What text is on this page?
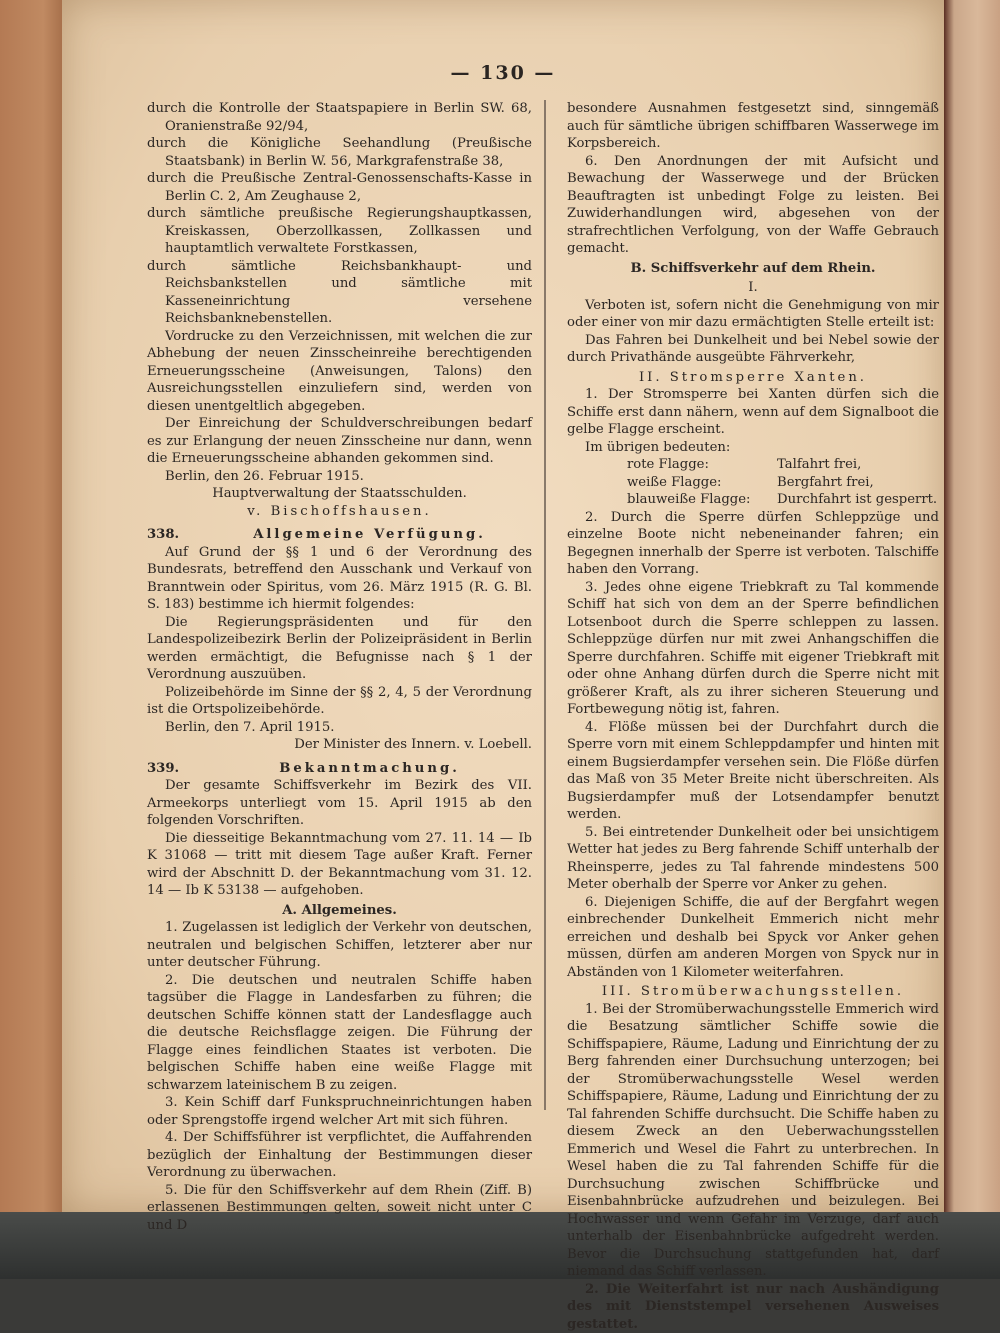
— 130 —

durch die Kontrolle der Staatspapiere in Berlin SW. 68, Oranienstraße 92/94,

durch die Königliche Seehandlung (Preußische Staatsbank) in Berlin W. 56, Markgrafenstraße 38,

durch die Preußische Zentral-Genossenschafts-Kasse in Berlin C. 2, Am Zeughause 2,

durch sämtliche preußische Regierungshauptkassen, Kreiskassen, Oberzollkassen, Zollkassen und hauptamtlich verwaltete Forstkassen,

durch sämtliche Reichsbankhaupt- und Reichsbankstellen und sämtliche mit Kasseneinrichtung versehene Reichsbanknebenstellen.

Vordrucke zu den Verzeichnissen, mit welchen die zur Abhebung der neuen Zinsscheinreihe berechtigenden Erneuerungsscheine (Anweisungen, Talons) den Ausreichungsstellen einzuliefern sind, werden von diesen unentgeltlich abgegeben.

Der Einreichung der Schuldverschreibungen bedarf es zur Erlangung der neuen Zinsscheine nur dann, wenn die Erneuerungsscheine abhanden gekommen sind.

Berlin, den 26. Februar 1915.

Hauptverwaltung der Staatsschulden.

v. Bischoffshausen.

338.	Allgemeine Verfügung.

Auf Grund der §§ 1 und 6 der Verordnung des Bundesrats, betreffend den Ausschank und Verkauf von Branntwein oder Spiritus, vom 26. März 1915 (R. G. Bl. S. 183) bestimme ich hiermit folgendes:

Die Regierungspräsidenten und für den Landespolizeibezirk Berlin der Polizeipräsident in Berlin werden ermächtigt, die Befugnisse nach § 1 der Verordnung auszuüben.

Polizeibehörde im Sinne der §§ 2, 4, 5 der Verordnung ist die Ortspolizeibehörde.

Berlin, den 7. April 1915.

Der Minister des Innern. v. Loebell.

339.	Bekanntmachung.

Der gesamte Schiffsverkehr im Bezirk des VII. Armeekorps unterliegt vom 15. April 1915 ab den folgenden Vorschriften.

Die diesseitige Bekanntmachung vom 27. 11. 14 — Ib K 31068 — tritt mit diesem Tage außer Kraft. Ferner wird der Abschnitt D. der Bekanntmachung vom 31. 12. 14 — Ib K 53138 — aufgehoben.

A. Allgemeines.

1. Zugelassen ist lediglich der Verkehr von deutschen, neutralen und belgischen Schiffen, letzterer aber nur unter deutscher Führung.

2. Die deutschen und neutralen Schiffe haben tagsüber die Flagge in Landesfarben zu führen; die deutschen Schiffe können statt der Landesflagge auch die deutsche Reichsflagge zeigen. Die Führung der Flagge eines feindlichen Staates ist verboten. Die belgischen Schiffe haben eine weiße Flagge mit schwarzem lateinischem B zu zeigen.

3. Kein Schiff darf Funkspruchneinrichtungen haben oder Sprengstoffe irgend welcher Art mit sich führen.

4. Der Schiffsführer ist verpflichtet, die Auffahrenden bezüglich der Einhaltung der Bestimmungen dieser Verordnung zu überwachen.

5. Die für den Schiffsverkehr auf dem Rhein (Ziff. B) erlassenen Bestimmungen gelten, soweit nicht unter C und D

besondere Ausnahmen festgesetzt sind, sinngemäß auch für sämtliche übrigen schiffbaren Wasserwege im Korpsbereich.

6. Den Anordnungen der mit Aufsicht und Bewachung der Wasserwege und der Brücken Beauftragten ist unbedingt Folge zu leisten. Bei Zuwiderhandlungen wird, abgesehen von der strafrechtlichen Verfolgung, von der Waffe Gebrauch gemacht.

B. Schiffsverkehr auf dem Rhein.

I.

Verboten ist, sofern nicht die Genehmigung von mir oder einer von mir dazu ermächtigten Stelle erteilt ist:

Das Fahren bei Dunkelheit und bei Nebel sowie der durch Privathände ausgeübte Fährverkehr,

II. Stromsperre Xanten.

1. Der Stromsperre bei Xanten dürfen sich die Schiffe erst dann nähern, wenn auf dem Signalboot die gelbe Flagge erscheint.

Im übrigen bedeuten:

rote Flagge:	Talfahrt frei,
weiße Flagge:	Bergfahrt frei,
blauweiße Flagge:	Durchfahrt ist gesperrt.

2. Durch die Sperre dürfen Schleppzüge und einzelne Boote nicht nebeneinander fahren; ein Begegnen innerhalb der Sperre ist verboten. Talschiffe haben den Vorrang.

3. Jedes ohne eigene Triebkraft zu Tal kommende Schiff hat sich von dem an der Sperre befindlichen Lotsenboot durch die Sperre schleppen zu lassen. Schleppzüge dürfen nur mit zwei Anhangschiffen die Sperre durchfahren. Schiffe mit eigener Triebkraft mit oder ohne Anhang dürfen durch die Sperre nicht mit größerer Kraft, als zu ihrer sicheren Steuerung und Fortbewegung nötig ist, fahren.

4. Flöße müssen bei der Durchfahrt durch die Sperre vorn mit einem Schleppdampfer und hinten mit einem Bugsierdampfer versehen sein. Die Flöße dürfen das Maß von 35 Meter Breite nicht überschreiten. Als Bugsierdampfer muß der Lotsendampfer benutzt werden.

5. Bei eintretender Dunkelheit oder bei unsichtigem Wetter hat jedes zu Berg fahrende Schiff unterhalb der Rheinsperre, jedes zu Tal fahrende mindestens 500 Meter oberhalb der Sperre vor Anker zu gehen.

6. Diejenigen Schiffe, die auf der Bergfahrt wegen einbrechender Dunkelheit Emmerich nicht mehr erreichen und deshalb bei Spyck vor Anker gehen müssen, dürfen am anderen Morgen von Spyck nur in Abständen von 1 Kilometer weiterfahren.

III. Stromüberwachungsstellen.

1. Bei der Stromüberwachungsstelle Emmerich wird die Besatzung sämtlicher Schiffe sowie die Schiffspapiere, Räume, Ladung und Einrichtung der zu Berg fahrenden einer Durchsuchung unterzogen; bei der Stromüberwachungsstelle Wesel werden Schiffspapiere, Räume, Ladung und Einrichtung der zu Tal fahrenden Schiffe durchsucht. Die Schiffe haben zu diesem Zweck an den Ueberwachungsstellen Emmerich und Wesel die Fahrt zu unterbrechen. In Wesel haben die zu Tal fahrenden Schiffe für die Durchsuchung zwischen Schiffbrücke und Eisenbahnbrücke aufzudrehen und beizulegen. Bei Hochwasser und wenn Gefahr im Verzuge, darf auch unterhalb der Eisenbahnbrücke aufgedreht werden. Bevor die Durchsuchung stattgefunden hat, darf niemand das Schiff verlassen.

2. Die Weiterfahrt ist nur nach Aushändigung des mit Dienststempel versehenen Ausweises gestattet.
